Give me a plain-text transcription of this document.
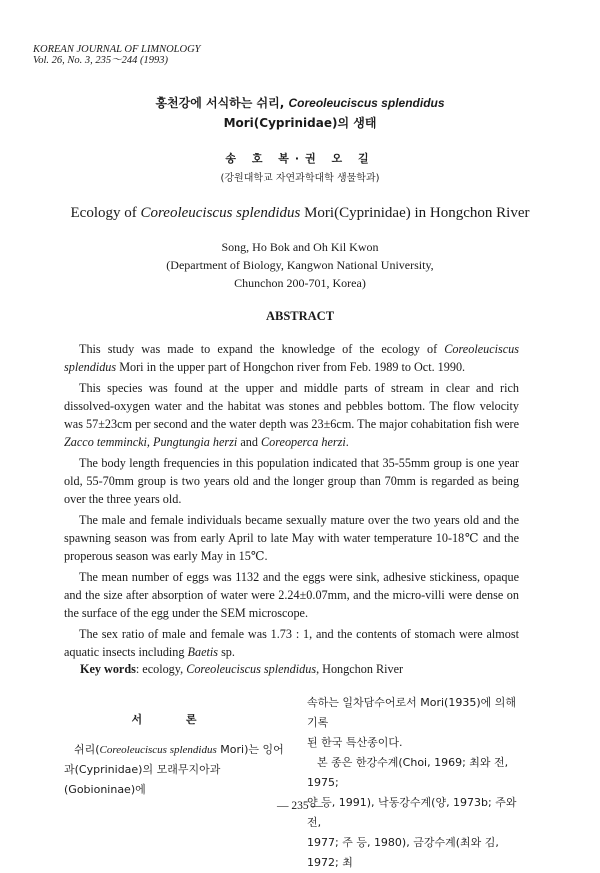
KOREAN JOURNAL OF LIMNOLOGY
Vol. 26, No. 3, 235～244 (1993)
홍천강에 서식하는 쉬리, Coreoleuciscus splendidus
Mori(Cyprinidae)의 생태
송 호 복·권 오 길
(강원대학교 자연과학대학 생물학과)
Ecology of Coreoleuciscus splendidus Mori(Cyprinidae) in Hongchon River
Song, Ho Bok and Oh Kil Kwon
(Department of Biology, Kangwon National University,
Chunchon 200-701, Korea)
ABSTRACT

This study was made to expand the knowledge of the ecology of Coreoleuciscus splendidus Mori in the upper part of Hongchon river from Feb. 1989 to Oct. 1990.

This species was found at the upper and middle parts of stream in clear and rich dissolved-oxygen water and the habitat was stones and pebbles bottom. The flow velocity was 57±23cm per second and the water depth was 23±6cm. The major cohabitation fish were Zacco temmincki, Pungtungia herzi and Coreoperca herzi.

The body length frequencies in this population indicated that 35-55mm group is one year old, 55-70mm group is two years old and the longer group than 70mm is regarded as being over the three years old.

The male and female individuals became sexually mature over the two years old and the spawning season was from early April to late May with water temperature 10-18℃ and the properous season was early May in 15℃.

The mean number of eggs was 1132 and the eggs were sink, adhesive stickiness, opaque and the size after absorption of water were 2.24±0.07mm, and the micro-villi were dense on the surface of the egg under the SEM microscope.

The sex ratio of male and female was 1.73 : 1, and the contents of stomach were almost aquatic insects including Baetis sp.

Key words: ecology, Coreoleuciscus splendidus, Hongchon River
서 론
쉬리(Coreoleuciscus splendidus Mori)는 잉어
과(Cyprinidae)의 모래무지아과(Gobioninae)에
속하는 일차담수어로서 Mori(1935)에 의해 기록
된 한국 특산종이다.
본 종은 한강수계(Choi, 1969; 최와 전, 1975;
양 등, 1991), 낙동강수계(양, 1973b; 주와 전,
1977; 주 등, 1980), 금강수계(최와 김, 1972; 최
— 235 —
